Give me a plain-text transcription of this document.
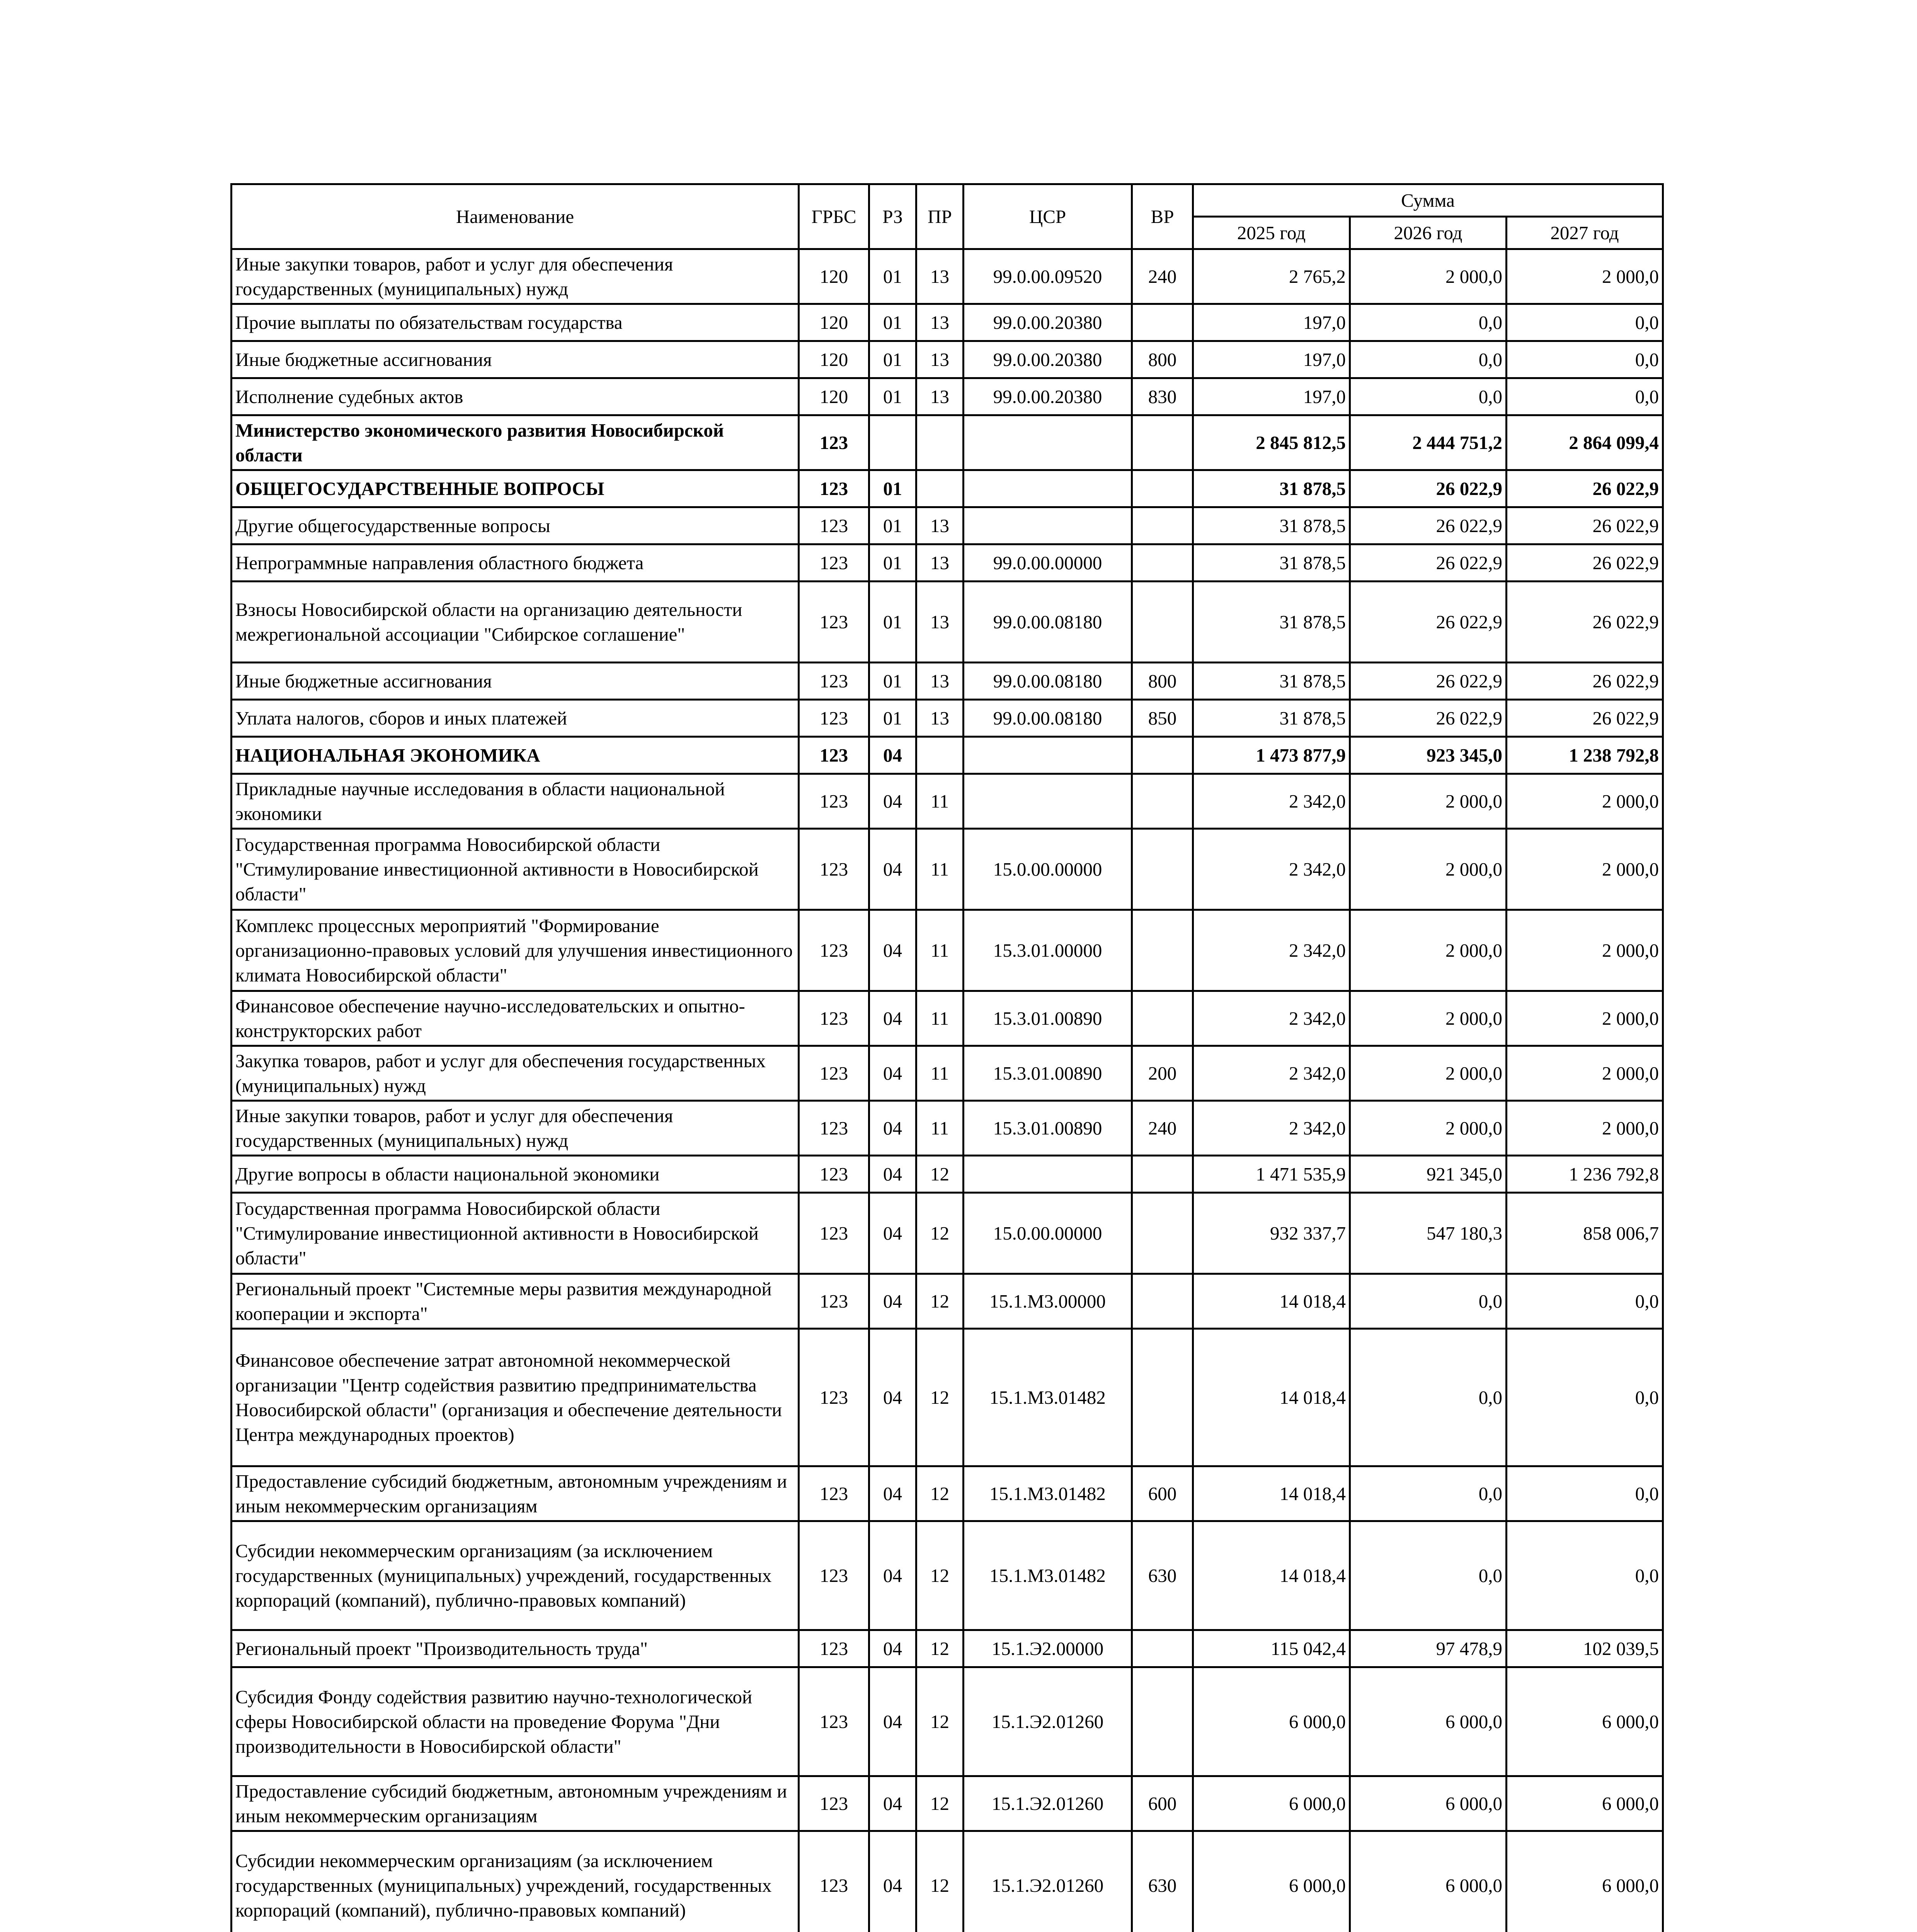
Наименование	ГРБС	РЗ	ПР	ЦСР	ВР	Сумма		
						2025 год	2026 год	2027 год
Иные закупки товаров, работ и услуг для обеспечения государственных (муниципальных) нужд	120	01	13	99.0.00.09520	240	2 765,2	2 000,0	2 000,0
Прочие выплаты по обязательствам государства	120	01	13	99.0.00.20380		197,0	0,0	0,0
Иные бюджетные ассигнования	120	01	13	99.0.00.20380	800	197,0	0,0	0,0
Исполнение судебных актов	120	01	13	99.0.00.20380	830	197,0	0,0	0,0
Министерство экономического развития Новосибирской области	123					2 845 812,5	2 444 751,2	2 864 099,4
ОБЩЕГОСУДАРСТВЕННЫЕ ВОПРОСЫ	123	01				31 878,5	26 022,9	26 022,9
Другие общегосударственные вопросы	123	01	13			31 878,5	26 022,9	26 022,9
Непрограммные направления областного бюджета	123	01	13	99.0.00.00000		31 878,5	26 022,9	26 022,9
Взносы Новосибирской области на организацию деятельности межрегиональной ассоциации "Сибирское соглашение"	123	01	13	99.0.00.08180		31 878,5	26 022,9	26 022,9
Иные бюджетные ассигнования	123	01	13	99.0.00.08180	800	31 878,5	26 022,9	26 022,9
Уплата налогов, сборов и иных платежей	123	01	13	99.0.00.08180	850	31 878,5	26 022,9	26 022,9
НАЦИОНАЛЬНАЯ ЭКОНОМИКА	123	04				1 473 877,9	923 345,0	1 238 792,8
Прикладные научные исследования в области национальной экономики	123	04	11			2 342,0	2 000,0	2 000,0
Государственная программа Новосибирской области "Стимулирование инвестиционной активности в Новосибирской области"	123	04	11	15.0.00.00000		2 342,0	2 000,0	2 000,0
Комплекс процессных мероприятий "Формирование организационно-правовых условий для улучшения инвестиционного климата Новосибирской области"	123	04	11	15.3.01.00000		2 342,0	2 000,0	2 000,0
Финансовое обеспечение научно-исследовательских и опытно-конструкторских работ	123	04	11	15.3.01.00890		2 342,0	2 000,0	2 000,0
Закупка товаров, работ и услуг для обеспечения государственных (муниципальных) нужд	123	04	11	15.3.01.00890	200	2 342,0	2 000,0	2 000,0
Иные закупки товаров, работ и услуг для обеспечения государственных (муниципальных) нужд	123	04	11	15.3.01.00890	240	2 342,0	2 000,0	2 000,0
Другие вопросы в области национальной экономики	123	04	12			1 471 535,9	921 345,0	1 236 792,8
Государственная программа Новосибирской области "Стимулирование инвестиционной активности в Новосибирской области"	123	04	12	15.0.00.00000		932 337,7	547 180,3	858 006,7
Региональный проект "Системные меры развития международной кооперации и экспорта"	123	04	12	15.1.М3.00000		14 018,4	0,0	0,0
Финансовое обеспечение затрат автономной некоммерческой организации "Центр содействия развитию предпринимательства Новосибирской области" (организация и обеспечение деятельности Центра международных проектов)	123	04	12	15.1.М3.01482		14 018,4	0,0	0,0
Предоставление субсидий бюджетным, автономным учреждениям и иным некоммерческим организациям	123	04	12	15.1.М3.01482	600	14 018,4	0,0	0,0
Субсидии некоммерческим организациям (за исключением государственных (муниципальных) учреждений, государственных корпораций (компаний), публично-правовых компаний)	123	04	12	15.1.М3.01482	630	14 018,4	0,0	0,0
Региональный проект "Производительность труда"	123	04	12	15.1.Э2.00000		115 042,4	97 478,9	102 039,5
Субсидия Фонду содействия развитию научно-технологической сферы Новосибирской области на проведение Форума "Дни производительности в Новосибирской области"	123	04	12	15.1.Э2.01260		6 000,0	6 000,0	6 000,0
Предоставление субсидий бюджетным, автономным учреждениям и иным некоммерческим организациям	123	04	12	15.1.Э2.01260	600	6 000,0	6 000,0	6 000,0
Субсидии некоммерческим организациям (за исключением государственных (муниципальных) учреждений, государственных корпораций (компаний), публично-правовых компаний)	123	04	12	15.1.Э2.01260	630	6 000,0	6 000,0	6 000,0
